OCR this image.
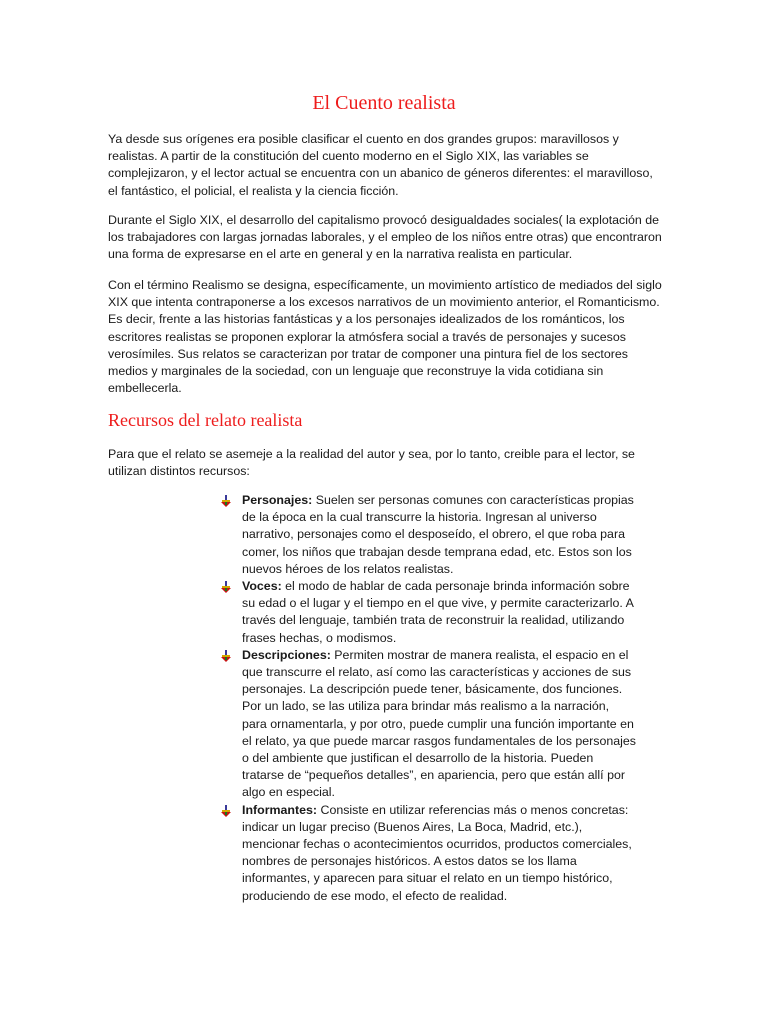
El Cuento realista

Ya desde sus orígenes era posible clasificar el cuento en dos grandes grupos: maravillosos y realistas. A partir de la constitución del cuento moderno en el Siglo XIX, las variables se complejizaron, y el lector actual se encuentra con un abanico de géneros diferentes: el maravilloso, el fantástico, el policial, el realista y la ciencia ficción.

Durante el Siglo XIX, el desarrollo del capitalismo provocó desigualdades sociales( la explotación de los trabajadores con largas jornadas laborales, y el empleo de los niños entre otras) que encontraron una forma de expresarse en el arte en general y en la narrativa realista en particular.

Con el término Realismo se designa, específicamente, un movimiento artístico de mediados del siglo XIX que intenta contraponerse a los excesos narrativos de un movimiento anterior, el Romanticismo. Es decir, frente a las historias fantásticas y a los personajes idealizados de los románticos, los escritores realistas se proponen explorar la atmósfera social a través de personajes y sucesos verosímiles. Sus relatos se caracterizan por tratar de componer una pintura fiel de los sectores medios y marginales de la sociedad, con un lenguaje que reconstruye la vida cotidiana sin embellecerla.

Recursos del relato realista

Para que el relato se asemeje a la realidad del autor y sea, por lo tanto, creible para el lector, se utilizan distintos recursos:

Personajes: Suelen ser personas comunes con características propias de la época en la cual transcurre la historia. Ingresan al universo narrativo, personajes como el desposeído, el obrero, el que roba para comer, los niños que trabajan desde temprana edad, etc. Estos son los nuevos héroes de los relatos realistas.
Voces: el modo de hablar de cada personaje brinda información sobre su edad o el lugar y el tiempo en el que vive, y permite caracterizarlo. A través del lenguaje, también trata de reconstruir la realidad, utilizando frases hechas, o modismos.
Descripciones: Permiten mostrar de manera realista, el espacio en el que transcurre el relato, así como las características y acciones de sus personajes. La descripción puede tener, básicamente, dos funciones. Por un lado, se las utiliza para brindar más realismo a la narración, para ornamentarla, y por otro, puede cumplir una función importante en el relato, ya que puede marcar rasgos fundamentales de los personajes o del ambiente que justifican el desarrollo de la historia. Pueden tratarse de “pequeños detalles”, en apariencia, pero que están allí por algo en especial.
Informantes: Consiste en utilizar referencias más o menos concretas: indicar un lugar preciso (Buenos Aires, La Boca, Madrid, etc.), mencionar fechas o acontecimientos ocurridos, productos comerciales, nombres de personajes históricos. A estos datos se los llama informantes, y aparecen para situar el relato en un tiempo histórico, produciendo de ese modo, el efecto de realidad.
